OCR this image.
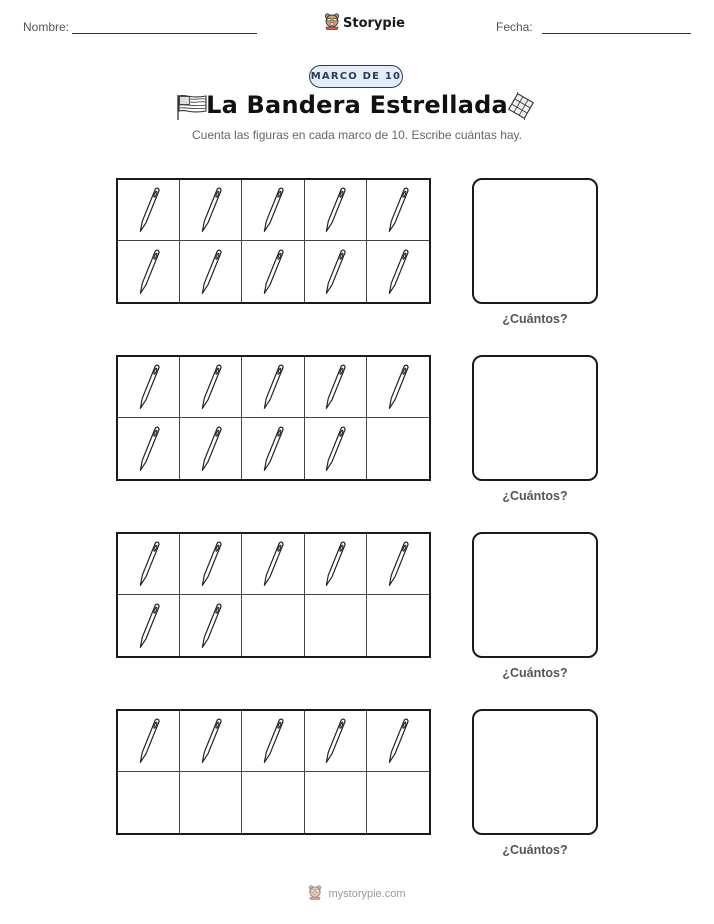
Nombre:	Storypie	Fecha:
MARCO DE 10
La Bandera Estrellada
Cuenta las figuras en cada marco de 10. Escribe cuántas hay.
¿Cuántos?
¿Cuántos?
¿Cuántos?
¿Cuántos?
mystorypie.com
